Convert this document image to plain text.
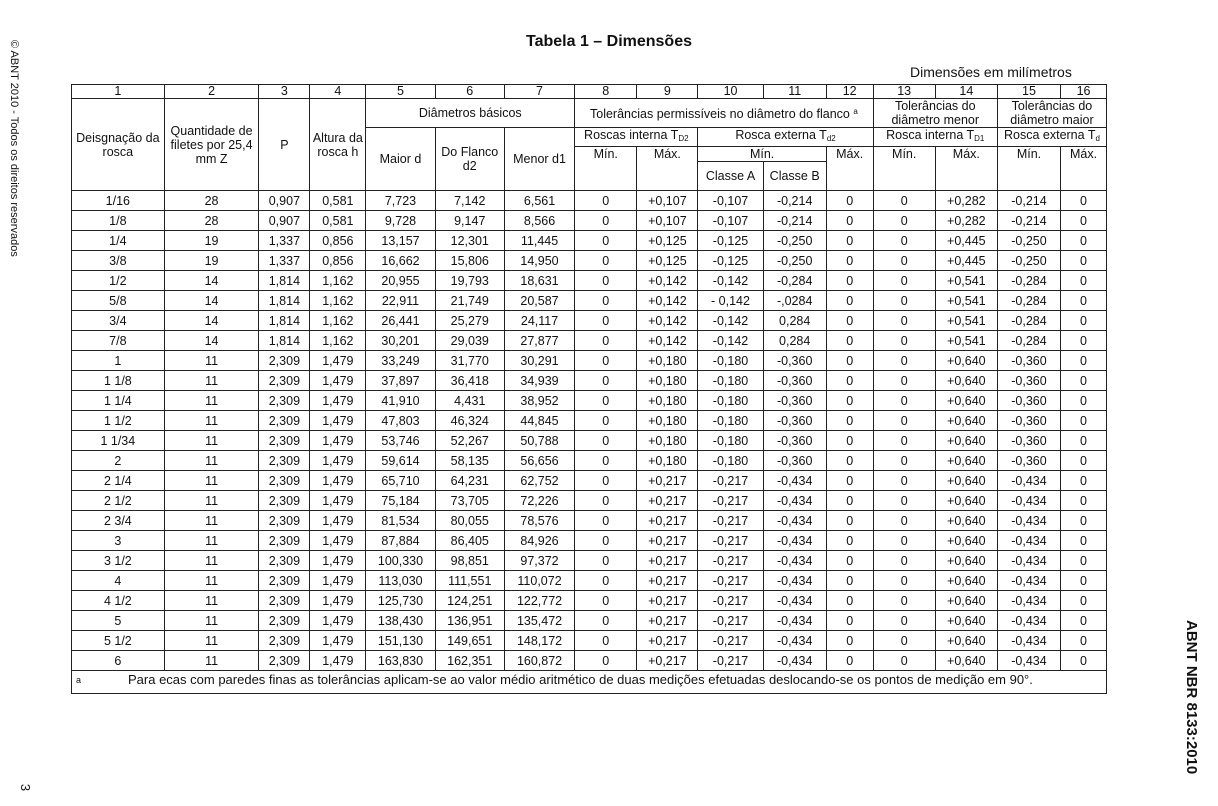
© ABNT 2010 - Todos os direitos reservados
3
ABNT NBR 8133:2010
Tabela 1 – Dimensões
Dimensões em milímetros
1	2	3	4	5	6	7	8	9	10	11	12	13	14	15	16
Deisgnação da rosca	Quantidade de filetes por 25,4 mm Z	P	Altura da rosca h	Diâmetros básicos			Tolerâncias permissíveis no diâmetro do flanco $^a$					Tolerâncias do diâmetro menor		Tolerâncias do diâmetro maior	
				Maior d	Do Flanco d2	Menor d1	Roscas interna $T_{D2}$		Rosca externa $T_{d2}$			Rosca interna $T_{D1}$		Rosca externa $T_d$
							Mín.	Máx.	Mín.		Máx.	Mín.	Máx.	Mín.	Máx.
									Classe A	Classe B					
1/16	28	0,907	0,581	7,723	7,142	6,561	0	+0,107	-0,107	-0,214	0	0	+0,282	-0,214	0
1/8	28	0,907	0,581	9,728	9,147	8,566	0	+0,107	-0,107	-0,214	0	0	+0,282	-0,214	0
1/4	19	1,337	0,856	13,157	12,301	11,445	0	+0,125	-0,125	-0,250	0	0	+0,445	-0,250	0
3/8	19	1,337	0,856	16,662	15,806	14,950	0	+0,125	-0,125	-0,250	0	0	+0,445	-0,250	0
1/2	14	1,814	1,162	20,955	19,793	18,631	0	+0,142	-0,142	-0,284	0	0	+0,541	-0,284	0
5/8	14	1,814	1,162	22,911	21,749	20,587	0	+0,142	- 0,142	-,0284	0	0	+0,541	-0,284	0
3/4	14	1,814	1,162	26,441	25,279	24,117	0	+0,142	-0,142	0,284	0	0	+0,541	-0,284	0
7/8	14	1,814	1,162	30,201	29,039	27,877	0	+0,142	-0,142	0,284	0	0	+0,541	-0,284	0
1	11	2,309	1,479	33,249	31,770	30,291	0	+0,180	-0,180	-0,360	0	0	+0,640	-0,360	0
1 1/8	11	2,309	1,479	37,897	36,418	34,939	0	+0,180	-0,180	-0,360	0	0	+0,640	-0,360	0
1 1/4	11	2,309	1,479	41,910	4,431	38,952	0	+0,180	-0,180	-0,360	0	0	+0,640	-0,360	0
1 1/2	11	2,309	1,479	47,803	46,324	44,845	0	+0,180	-0,180	-0,360	0	0	+0,640	-0,360	0
1 1/34	11	2,309	1,479	53,746	52,267	50,788	0	+0,180	-0,180	-0,360	0	0	+0,640	-0,360	0
2	11	2,309	1,479	59,614	58,135	56,656	0	+0,180	-0,180	-0,360	0	0	+0,640	-0,360	0
2 1/4	11	2,309	1,479	65,710	64,231	62,752	0	+0,217	-0,217	-0,434	0	0	+0,640	-0,434	0
2 1/2	11	2,309	1,479	75,184	73,705	72,226	0	+0,217	-0,217	-0,434	0	0	+0,640	-0,434	0
2 3/4	11	2,309	1,479	81,534	80,055	78,576	0	+0,217	-0,217	-0,434	0	0	+0,640	-0,434	0
3	11	2,309	1,479	87,884	86,405	84,926	0	+0,217	-0,217	-0,434	0	0	+0,640	-0,434	0
3 1/2	11	2,309	1,479	100,330	98,851	97,372	0	+0,217	-0,217	-0,434	0	0	+0,640	-0,434	0
4	11	2,309	1,479	113,030	111,551	110,072	0	+0,217	-0,217	-0,434	0	0	+0,640	-0,434	0
4 1/2	11	2,309	1,479	125,730	124,251	122,772	0	+0,217	-0,217	-0,434	0	0	+0,640	-0,434	0
5	11	2,309	1,479	138,430	136,951	135,472	0	+0,217	-0,217	-0,434	0	0	+0,640	-0,434	0
5 1/2	11	2,309	1,479	151,130	149,651	148,172	0	+0,217	-0,217	-0,434	0	0	+0,640	-0,434	0
6	11	2,309	1,479	163,830	162,351	160,872	0	+0,217	-0,217	-0,434	0	0	+0,640	-0,434	0
a Para ecas com paredes finas as tolerâncias aplicam-se ao valor médio aritmético de duas medições efetuadas deslocando-se os pontos de medição em 90°.															
